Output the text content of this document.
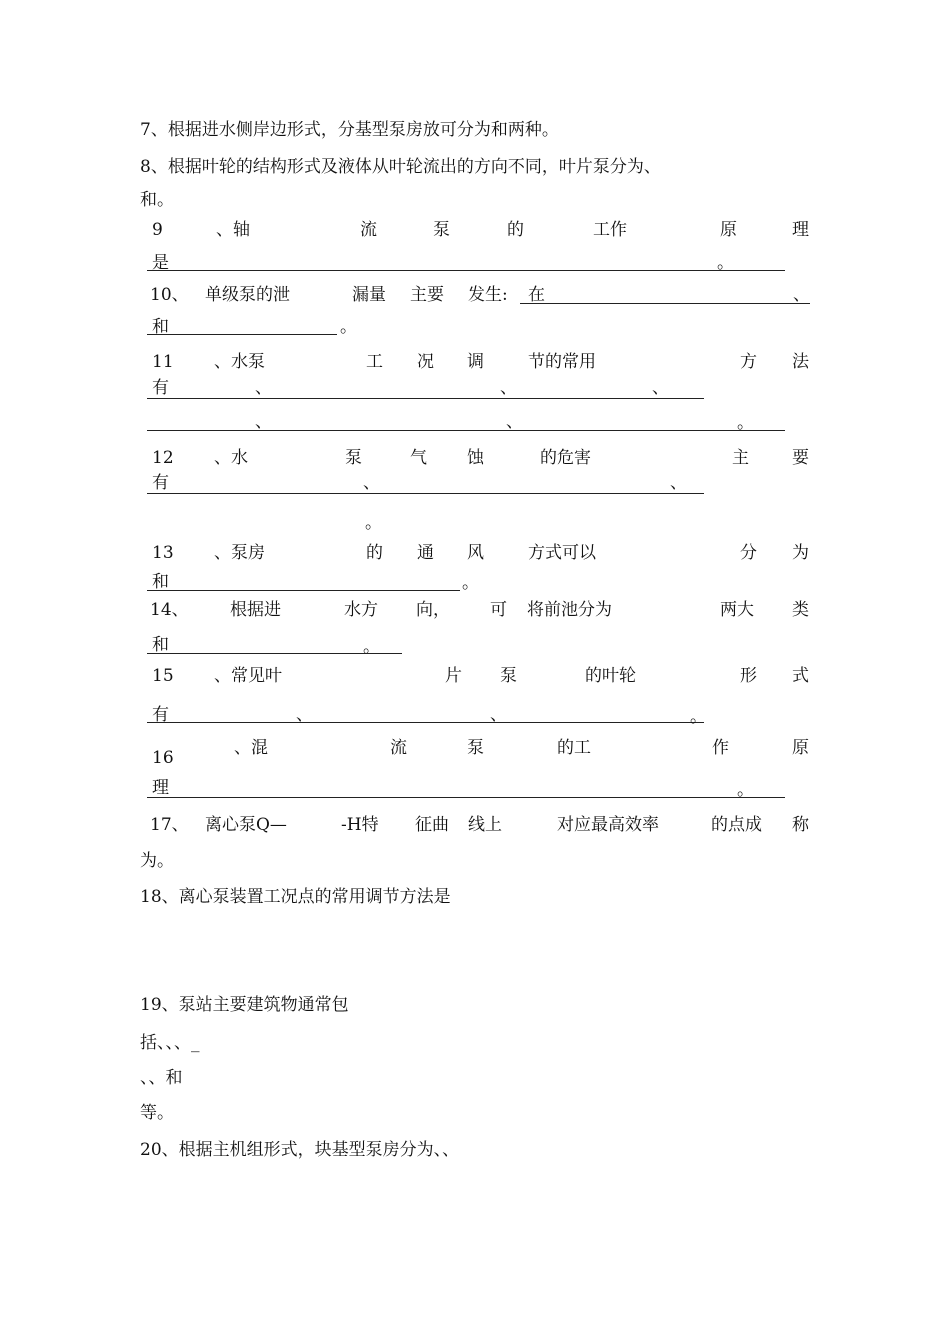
7、根据进水侧岸边形式，分基型泵房放可分为和两种。
8、根据叶轮的结构形式及液体从叶轮流出的方向不同，叶片泵分为、
和。
9	、轴	流	泵	的	工作	原	理
是	。
10、 单级泵的泄	漏量 主要 发生: 在	、
和	。
11 、水泵	工 况 调	节的常用	方 法
有	、	、	、
、	、	。
12 、水	泵	气 蚀	的危害	主	要
有	、	、
。
13 、泵房	的 通 风	方式可以	分 为
和	。
14、 根据进	水方 向， 可 将前池分为	两大 类
和	。
15 、常见叶	片 泵	的叶轮	形 式
有	、	、	。
16	、混	流	泵	的工	作	原
理	。
17、 离心泵Q—	-H特 征曲 线上	对应最高效率	的点成 称
为。
18、离心泵装置工况点的常用调节方法是
19、泵站主要建筑物通常包
括、、、_
、、和
等。
20、根据主机组形式，块基型泵房分为、、
